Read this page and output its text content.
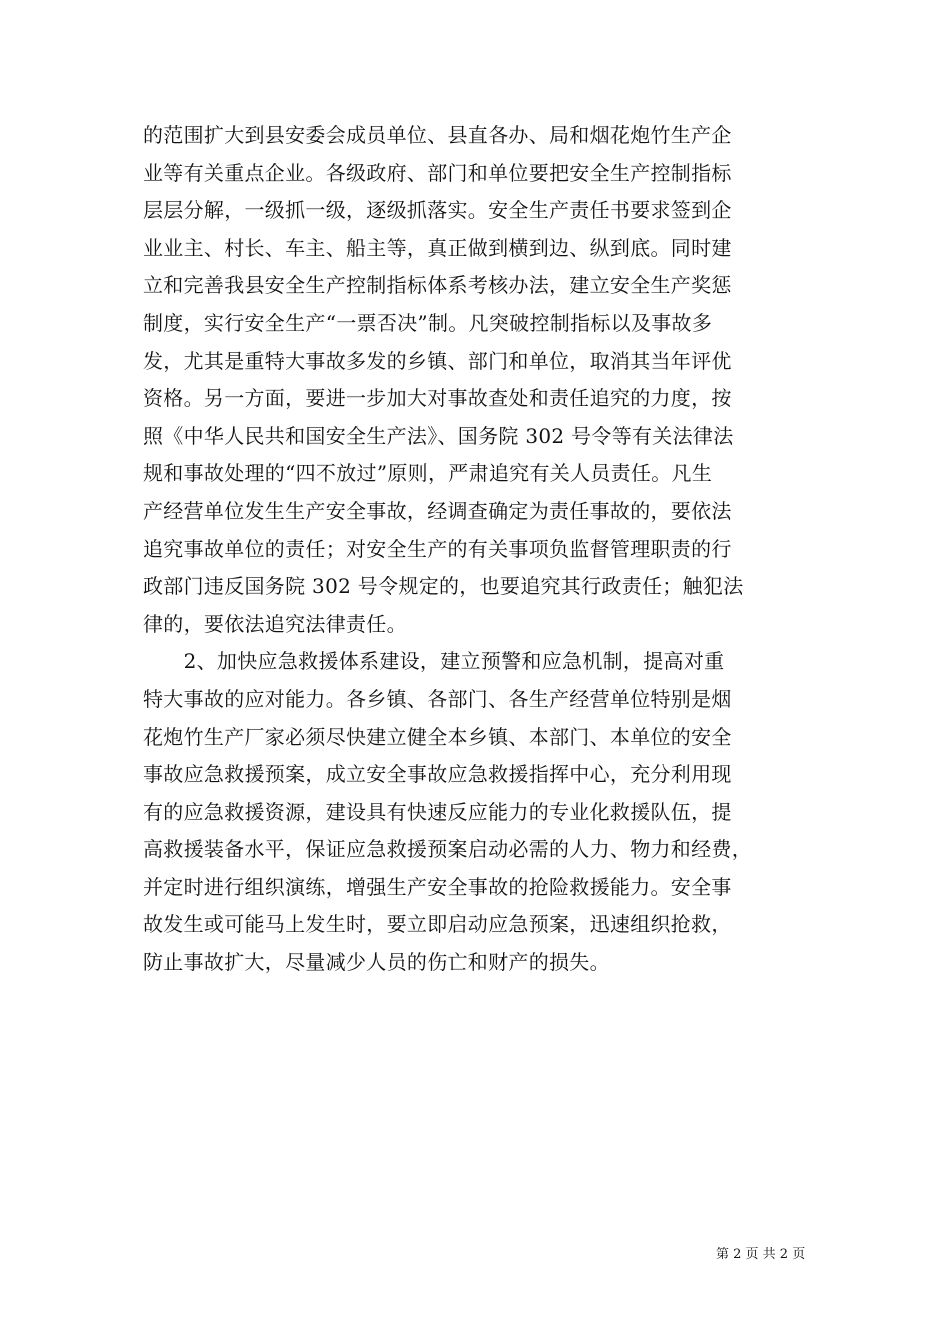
的范围扩大到县安委会成员单位、县直各办、局和烟花炮竹生产企
业等有关重点企业。各级政府、部门和单位要把安全生产控制指标
层层分解，一级抓一级，逐级抓落实。安全生产责任书要求签到企
业业主、村长、车主、船主等，真正做到横到边、纵到底。同时建
立和完善我县安全生产控制指标体系考核办法，建立安全生产奖惩
制度，实行安全生产“一票否决”制。凡突破控制指标以及事故多
发，尤其是重特大事故多发的乡镇、部门和单位，取消其当年评优
资格。另一方面，要进一步加大对事故查处和责任追究的力度，按
照《中华人民共和国安全生产法》、国务院 302 号令等有关法律法
规和事故处理的“四不放过”原则，严肃追究有关人员责任。凡生
产经营单位发生生产安全事故，经调查确定为责任事故的，要依法
追究事故单位的责任；对安全生产的有关事项负监督管理职责的行
政部门违反国务院 302 号令规定的，也要追究其行政责任；触犯法
律的，要依法追究法律责任。
　　2、加快应急救援体系建设，建立预警和应急机制，提高对重
特大事故的应对能力。各乡镇、各部门、各生产经营单位特别是烟
花炮竹生产厂家必须尽快建立健全本乡镇、本部门、本单位的安全
事故应急救援预案，成立安全事故应急救援指挥中心，充分利用现
有的应急救援资源，建设具有快速反应能力的专业化救援队伍，提
高救援装备水平，保证应急救援预案启动必需的人力、物力和经费，
并定时进行组织演练，增强生产安全事故的抢险救援能力。安全事
故发生或可能马上发生时，要立即启动应急预案，迅速组织抢救，
防止事故扩大，尽量减少人员的伤亡和财产的损失。
第 2 页 共 2 页
